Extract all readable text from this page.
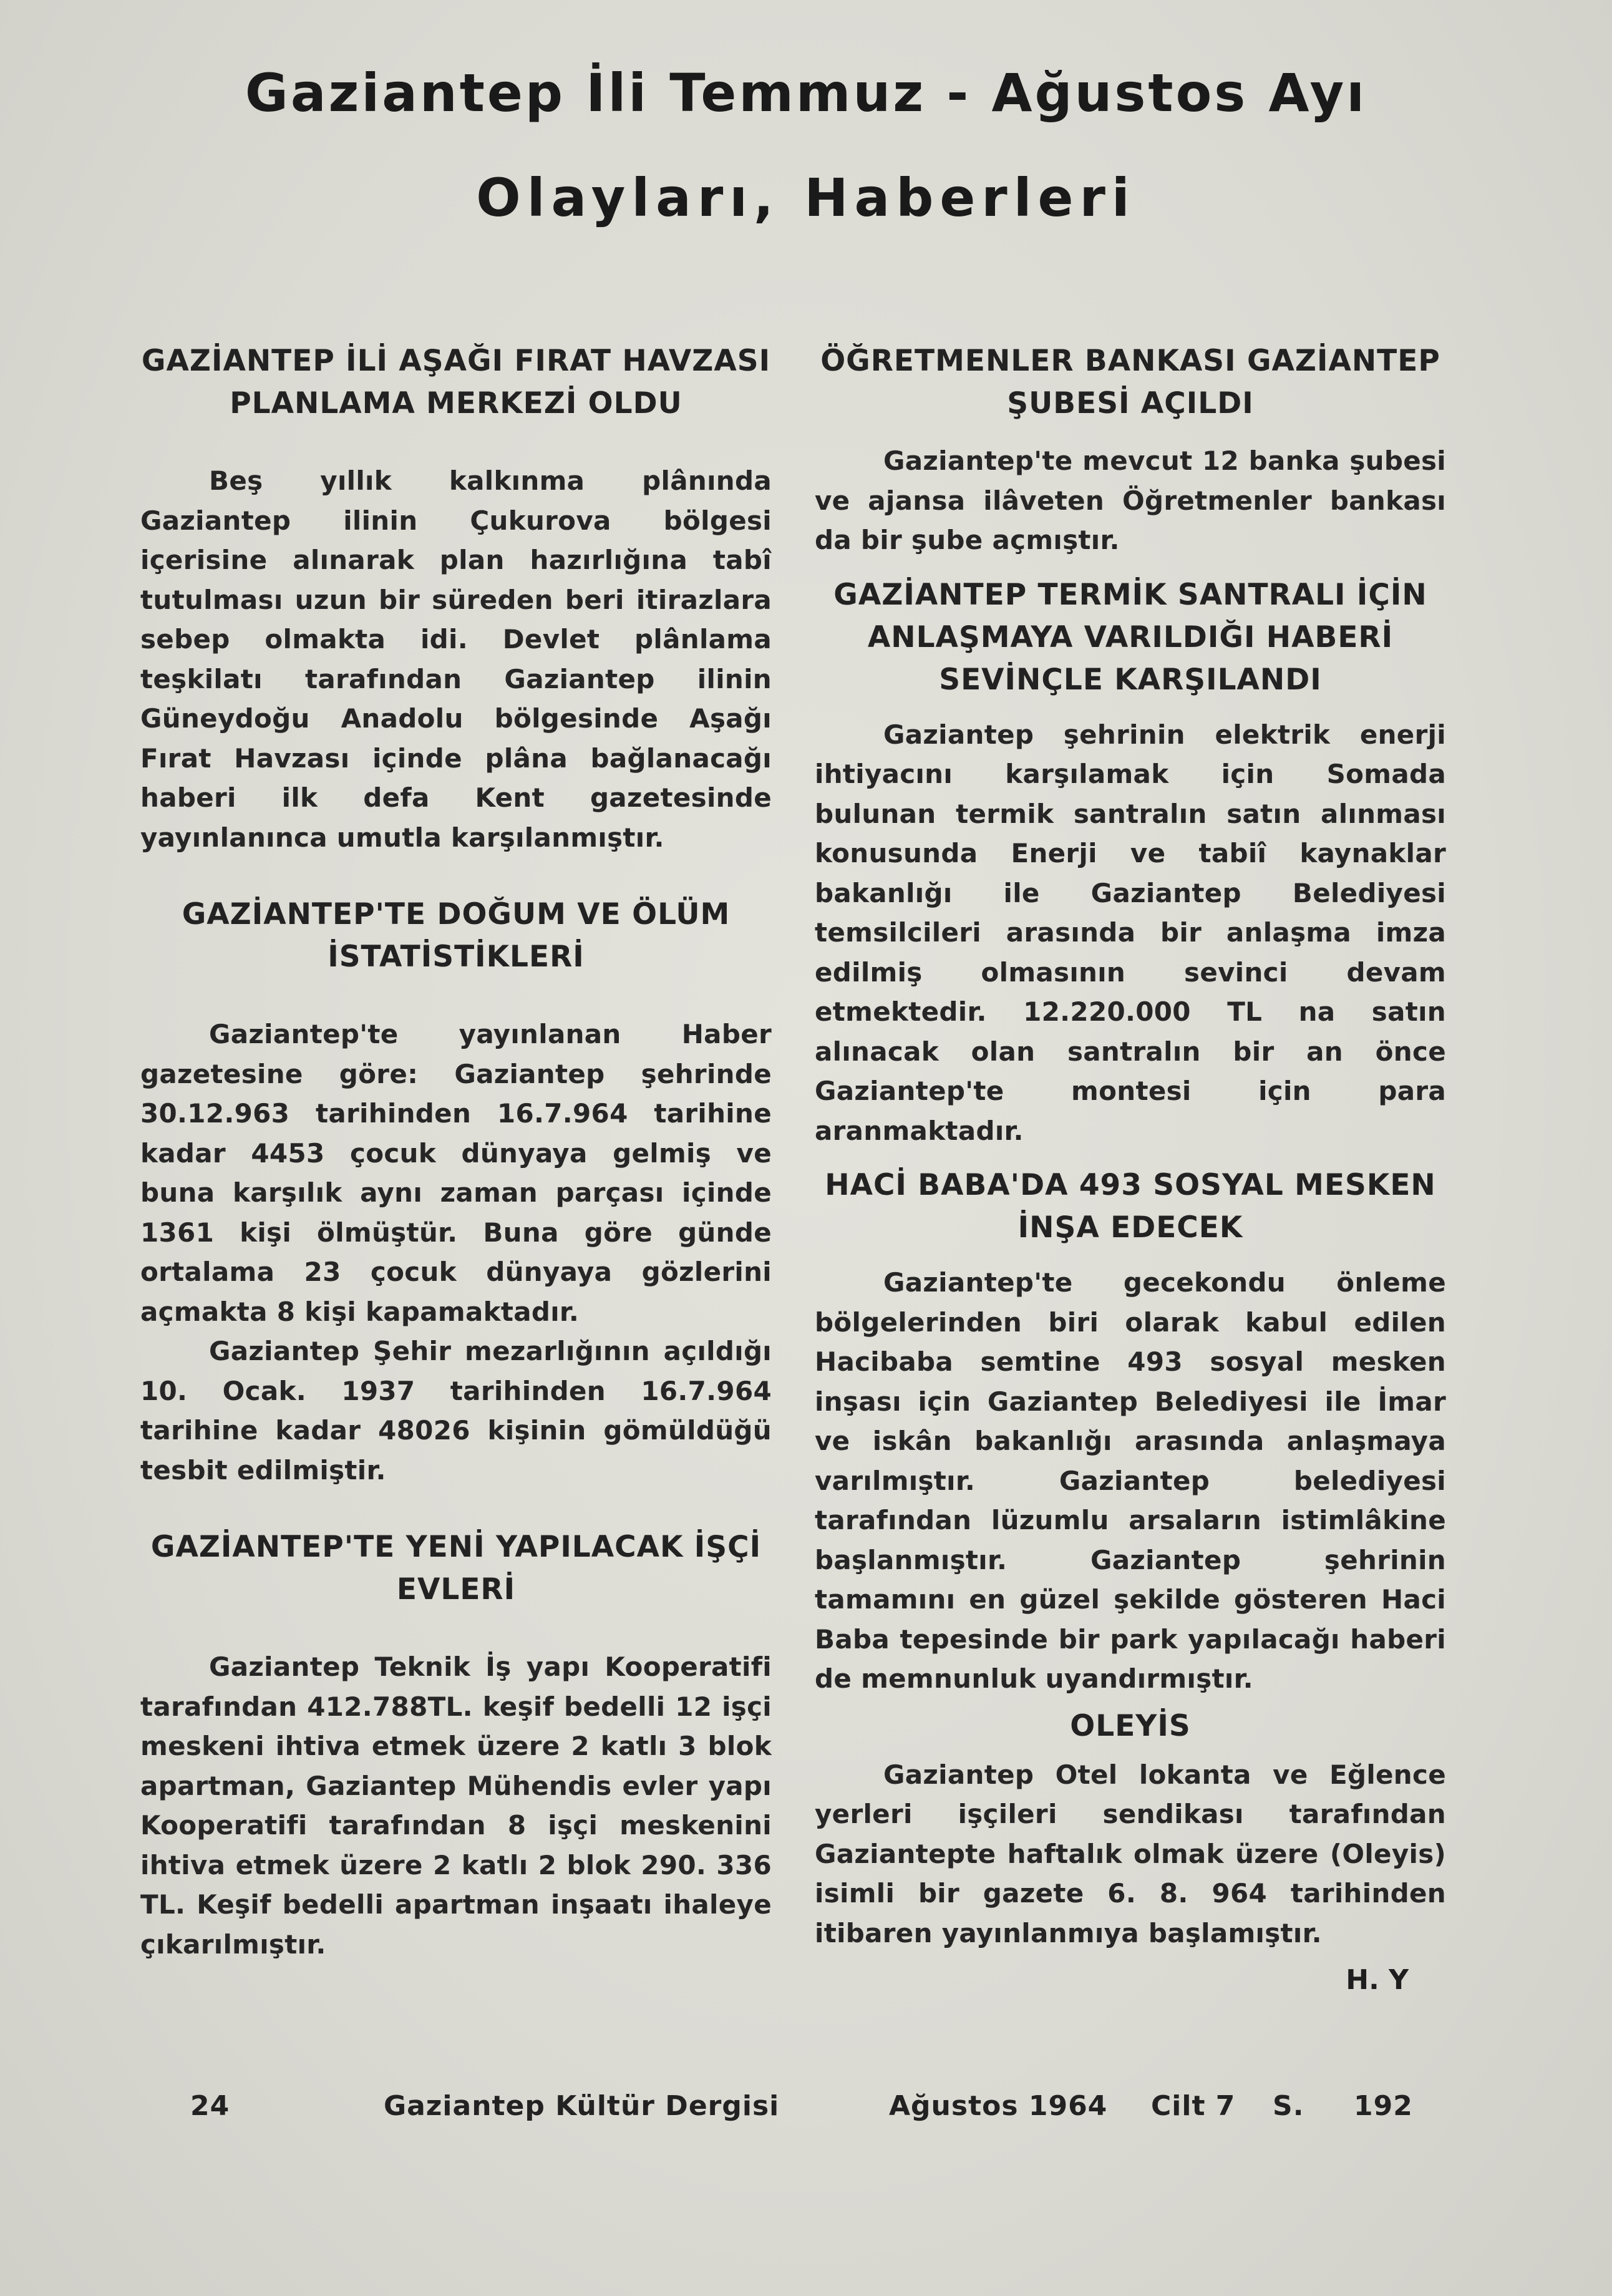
Gaziantep İli Temmuz - Ağustos Ayı
Olayları, Haberleri
GAZİANTEP İLİ AŞAĞI FIRAT HAVZASI PLANLAMA MERKEZİ OLDU

Beş yıllık kalkınma plânında Gaziantep ilinin Çukurova bölgesi içerisine alınarak plan hazırlığına tabî tutulması uzun bir süreden beri itirazlara sebep olmakta idi. Devlet plânlama teşkilatı tarafından Gaziantep ilinin Güneydoğu Anadolu bölgesinde Aşağı Fırat Havzası içinde plâna bağlanacağı haberi ilk defa Kent gazetesinde yayınlanınca umutla karşılanmıştır.

GAZİANTEP'TE DOĞUM VE ÖLÜM İSTATİSTİKLERİ

Gaziantep'te yayınlanan Haber gazetesine göre: Gaziantep şehrinde 30.12.963 tarihinden 16.7.964 tarihine kadar 4453 çocuk dünyaya gelmiş ve buna karşılık aynı zaman parçası içinde 1361 kişi ölmüştür. Buna göre günde ortalama 23 çocuk dünyaya gözlerini açmakta 8 kişi kapamaktadır.

Gaziantep Şehir mezarlığının açıldığı 10. Ocak. 1937 tarihinden 16.7.964 tarihine kadar 48026 kişinin gömüldüğü tesbit edilmiştir.

GAZİANTEP'TE YENİ YAPILACAK İŞÇİ EVLERİ

Gaziantep Teknik İş yapı Kooperatifi tarafından 412.788TL. keşif bedelli 12 işçi meskeni ihtiva etmek üzere 2 katlı 3 blok apartman, Gaziantep Mühendis evler yapı Kooperatifi tarafından 8 işçi meskenini ihtiva etmek üzere 2 katlı 2 blok 290. 336 TL. Keşif bedelli apartman inşaatı ihaleye çıkarılmıştır.

ÖĞRETMENLER BANKASI GAZİANTEP ŞUBESİ AÇILDI

Gaziantep'te mevcut 12 banka şubesi ve ajansa ilâveten Öğretmenler bankası da bir şube açmıştır.

GAZİANTEP TERMİK SANTRALI İÇİN ANLAŞMAYA VARILDIĞI HABERİ SEVİNÇLE KARŞILANDI

Gaziantep şehrinin elektrik enerji ihtiyacını karşılamak için Somada bulunan termik santralın satın alınması konusunda Enerji ve tabiî kaynaklar bakanlığı ile Gaziantep Belediyesi temsilcileri arasında bir anlaşma imza edilmiş olmasının sevinci devam etmektedir. 12.220.000 TL na satın alınacak olan santralın bir an önce Gaziantep'te montesi için para aranmaktadır.

HACİ BABA'DA 493 SOSYAL MESKEN İNŞA EDECEK

Gaziantep'te gecekondu önleme bölgelerinden biri olarak kabul edilen Hacibaba semtine 493 sosyal mesken inşası için Gaziantep Belediyesi ile İmar ve iskân bakanlığı arasında anlaşmaya varılmıştır. Gaziantep belediyesi tarafından lüzumlu arsaların istimlâkine başlanmıştır. Gaziantep şehrinin tamamını en güzel şekilde gösteren Haci Baba tepesinde bir park yapılacağı haberi de memnunluk uyandırmıştır.

OLEYİS

Gaziantep Otel lokanta ve Eğlence yerleri işçileri sendikası tarafından Gaziantepte haftalık olmak üzere (Oleyis) isimli bir gazete 6. 8. 964 tarihinden itibaren yayınlanmıya başlamıştır.

H. Y

24	Gaziantep Kültür Dergisi	Ağustos 1964 Cilt 7 S. 192
